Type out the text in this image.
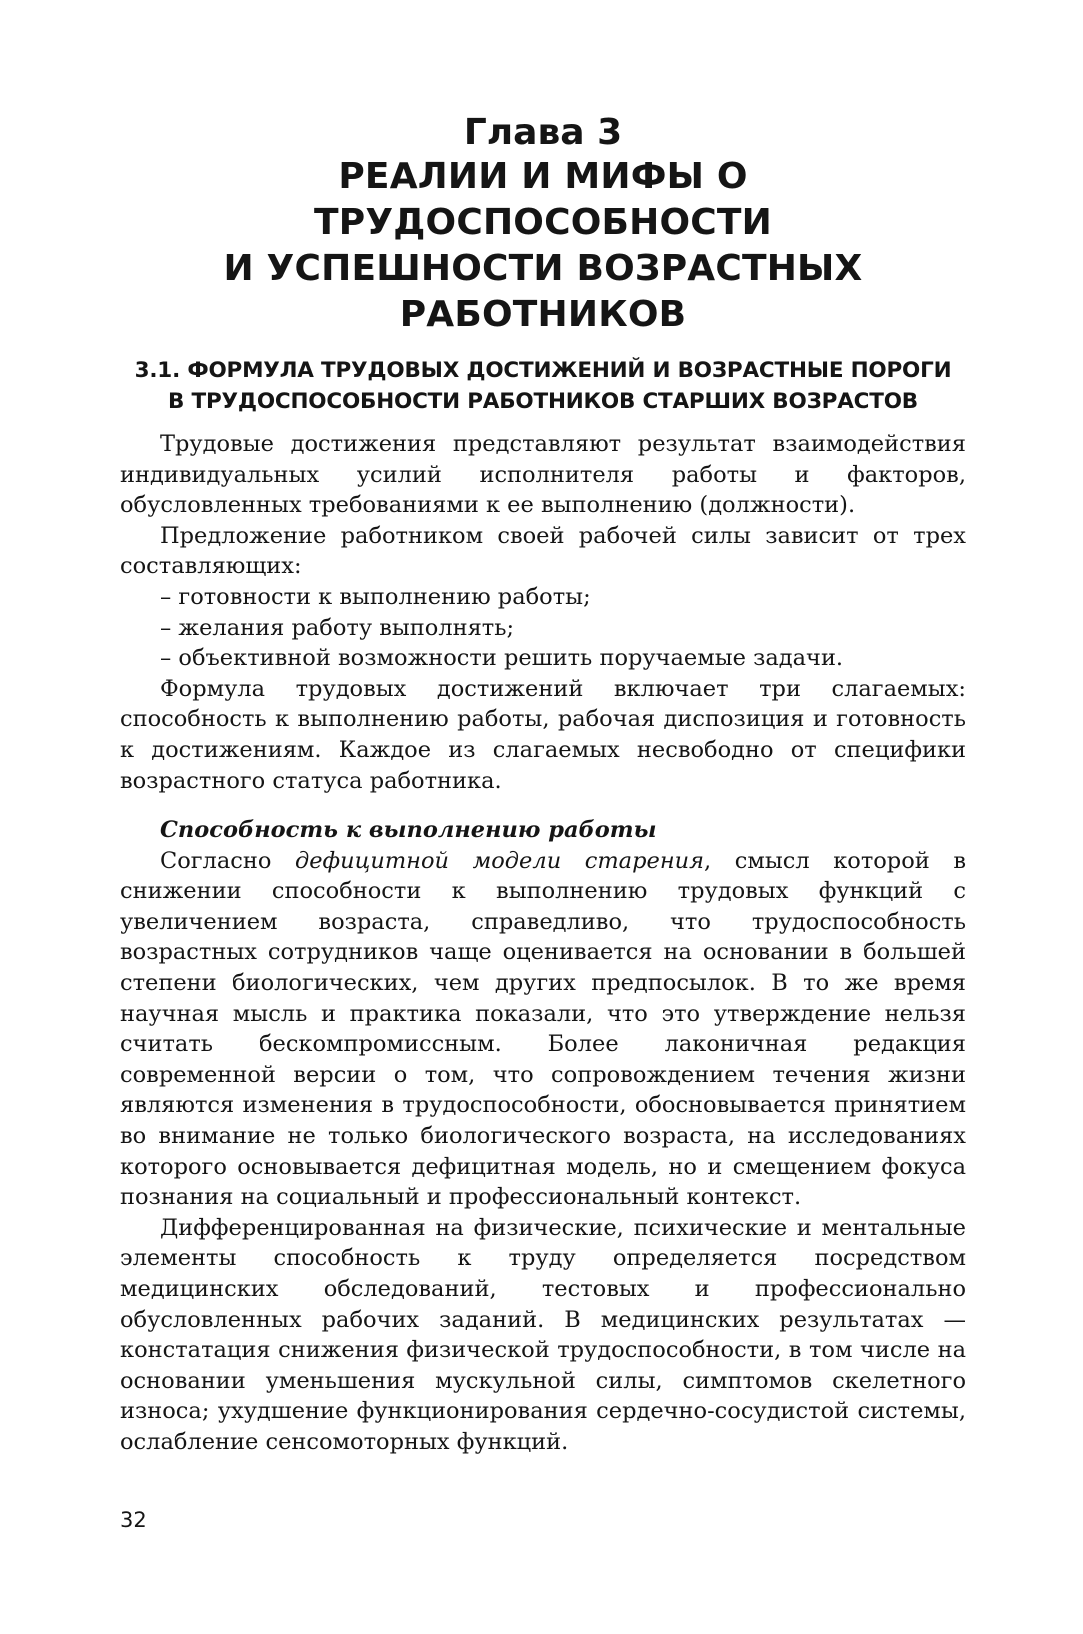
Глава 3
РЕАЛИИ И МИФЫ О ТРУДОСПОСОБНОСТИ
И УСПЕШНОСТИ ВОЗРАСТНЫХ РАБОТНИКОВ
3.1. ФОРМУЛА ТРУДОВЫХ ДОСТИЖЕНИЙ И ВОЗРАСТНЫЕ ПОРОГИ
В ТРУДОСПОСОБНОСТИ РАБОТНИКОВ СТАРШИХ ВОЗРАСТОВ

Трудовые достижения представляют результат взаимодействия индивидуальных усилий исполнителя работы и факторов, обусловленных требованиями к ее выполнению (должности).

Предложение работником своей рабочей силы зависит от трех составляющих:

– готовности к выполнению работы;

– желания работу выполнять;

– объективной возможности решить поручаемые задачи.

Формула трудовых достижений включает три слагаемых: способность к выполнению работы, рабочая диспозиция и готовность к достижениям. Каждое из слагаемых несвободно от специфики возрастного статуса работника.

Способность к выполнению работы

Согласно дефицитной модели старения, смысл которой в снижении способности к выполнению трудовых функций с увеличением возраста, справедливо, что трудоспособность возрастных сотрудников чаще оценивается на основании в большей степени биологических, чем других предпосылок. В то же время научная мысль и практика показали, что это утверждение нельзя считать бескомпромиссным. Более лаконичная редакция современной версии о том, что сопровождением течения жизни являются изменения в трудоспособности, обосновывается принятием во внимание не только биологического возраста, на исследованиях которого основывается дефицитная модель, но и смещением фокуса познания на социальный и профессиональный контекст.

Дифференцированная на физические, психические и ментальные элементы способность к труду определяется посредством медицинских обследований, тестовых и профессионально обусловленных рабочих заданий. В медицинских результатах — констатация снижения физической трудоспособности, в том числе на основании уменьшения мускульной силы, симптомов скелетного износа; ухудшение функционирования сердечно-сосудистой системы, ослабление сенсомоторных функций.

32
